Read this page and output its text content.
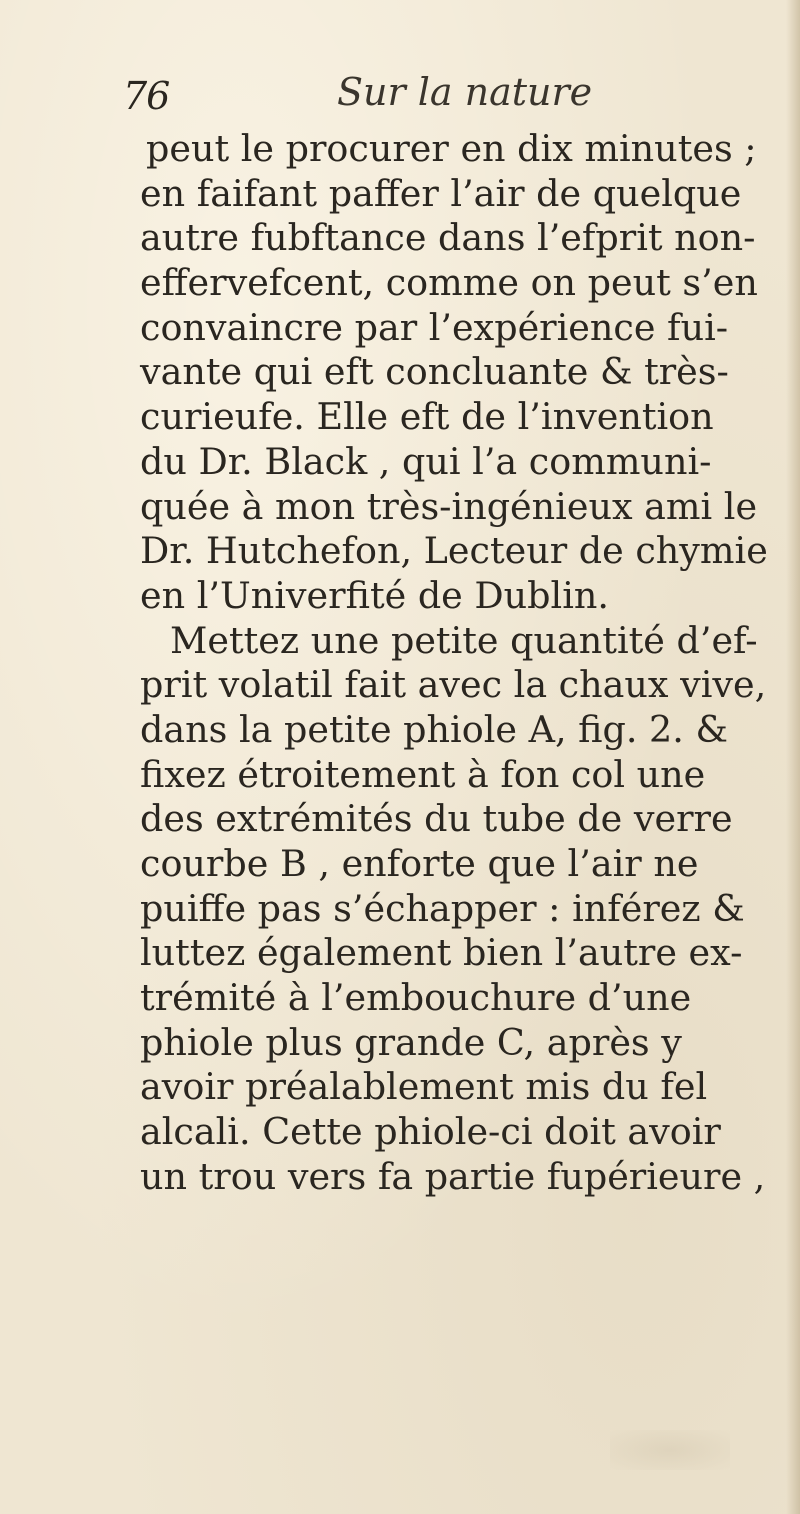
76	Sur la nature
peut le procurer en dix minutes ;
en faifant paffer l’air de quelque
autre fubftance dans l’efprit non-
effervefcent, comme on peut s’en
convaincre par l’expérience fui-
vante qui eft concluante & très-
curieufe. Elle eft de l’invention
du Dr. Black , qui l’a communi-
quée à mon très-ingénieux ami le
Dr. Hutchefon, Lecteur de chymie
en l’Univerfité de Dublin.
Mettez une petite quantité d’ef-
prit volatil fait avec la chaux vive,
dans la petite phiole A, fig. 2. &
fixez étroitement à fon col une
des extrémités du tube de verre
courbe B , enforte que l’air ne
puiffe pas s’échapper : inférez &
luttez également bien l’autre ex-
trémité à l’embouchure d’une
phiole plus grande C, après y
avoir préalablement mis du fel
alcali. Cette phiole-ci doit avoir
un trou vers fa partie fupérieure ,
